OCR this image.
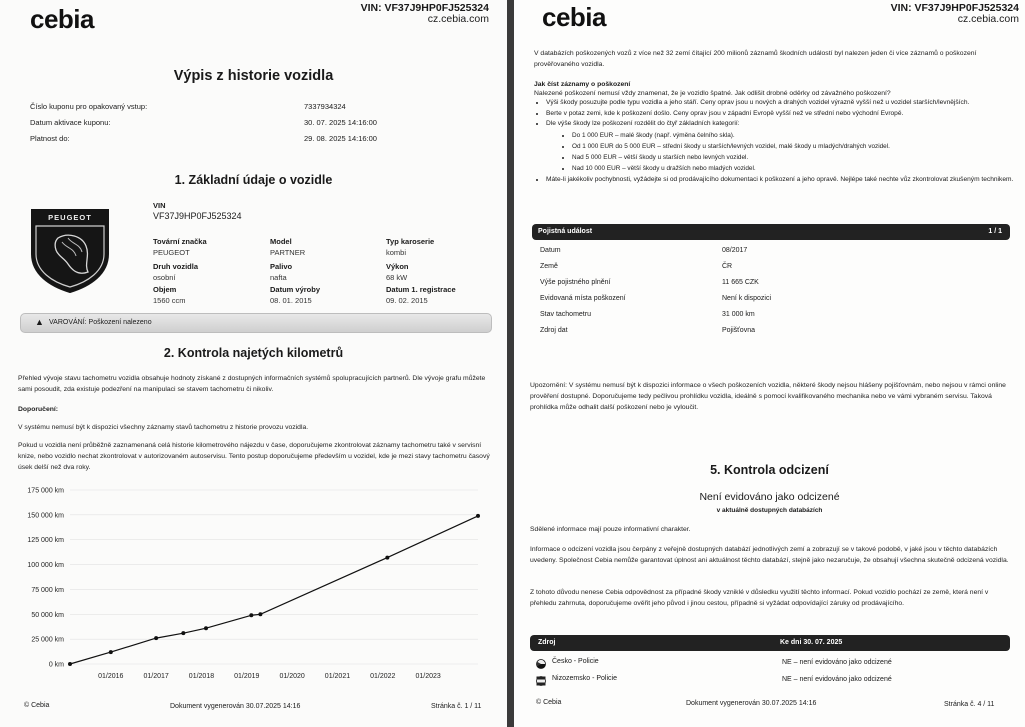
cebia	VIN: VF37J9HP0FJ525324
cz.cebia.com
Výpis z historie vozidla
Číslo kuponu pro opakovaný vstup:	7337934324
Datum aktivace kuponu:	30. 07. 2025 14:16:00
Platnost do:	29. 08. 2025 14:16:00
1. Základní údaje o vozidle
PEUGEOT
VIN
VF37J9HP0FJ525324
Tovární značka
PEUGEOT
Model
PARTNER
Typ karoserie
kombi
Druh vozidla
osobní
Palivo
nafta
Výkon
68 kW
Objem
1560 ccm
Datum výroby
08. 01. 2015
Datum 1. registrace
09. 02. 2015
▲ VAROVÁNÍ: Poškození nalezeno
2. Kontrola najetých kilometrů
Přehled vývoje stavu tachometru vozidla obsahuje hodnoty získané z dostupných informačních systémů spolupracujících partnerů. Dle vývoje grafu můžete sami posoudit, zda existuje podezření na manipulaci se stavem tachometru či nikoliv.
Doporučení:
V systému nemusí být k dispozici všechny záznamy stavů tachometru z historie provozu vozidla.
Pokud u vozidla není průběžně zaznamenaná celá historie kilometrového nájezdu v čase, doporučujeme zkontrolovat záznamy tachometru také v servisní knize, nebo vozidlo nechat zkontrolovat v autorizovaném autoservisu. Tento postup doporučujeme především u vozidel, kde je mezi stavy tachometru časový úsek delší než dva roky.
175 000 km
150 000 km
125 000 km
100 000 km
75 000 km
50 000 km
25 000 km
0 km
01/2016	01/2017	01/2018	01/2019	01/2020	01/2021	01/2022	01/2023
© Cebia	Dokument vygenerován 30.07.2025 14:16	Stránka č. 1 / 11
cebia	VIN: VF37J9HP0FJ525324
cz.cebia.com
V databázích poškozených vozů z více než 32 zemí čítající 200 milionů záznamů škodních událostí byl nalezen jeden či více záznamů o poškození prověřovaného vozidla.
Jak číst záznamy o poškození
Nalezené poškození nemusí vždy znamenat, že je vozidlo špatné. Jak odlišit drobné oděrky od závažného poškození?
• Výši škody posuzujte podle typu vozidla a jeho stáří. Ceny oprav jsou u nových a drahých vozidel výrazně vyšší než u vozidel starších/levnějších.
• Berte v potaz zemi, kde k poškození došlo. Ceny oprav jsou v západní Evropě vyšší než ve střední nebo východní Evropě.
• Dle výše škody lze poškození rozdělit do čtyř základních kategorií:
• Do 1 000 EUR – malé škody (např. výměna čelního skla).
• Od 1 000 EUR do 5 000 EUR – střední škody u starších/levných vozidel, malé škody u mladých/drahých vozidel.
• Nad 5 000 EUR – větší škody u starších nebo levných vozidel.
• Nad 10 000 EUR – větší škody u dražších nebo mladých vozidel.
• Máte-li jakékoliv pochybnosti, vyžádejte si od prodávajícího dokumentaci k poškození a jeho opravě. Nejlépe také nechte vůz zkontrolovat zkušeným technikem.
Pojistná událost	1 / 1
Datum	08/2017
Země	ČR
Výše pojistného plnění	11 665 CZK
Evidovaná místa poškození	Není k dispozici
Stav tachometru	31 000 km
Zdroj dat	Pojišťovna
Upozornění: V systému nemusí být k dispozici informace o všech poškozeních vozidla, některé škody nejsou hlášeny pojišťovnám, nebo nejsou v rámci online prověření dostupné. Doporučujeme tedy pečlivou prohlídku vozidla, ideálně s pomocí kvalifikovaného mechanika nebo ve vámi vybraném servisu. Taková prohlídka může odhalit další poškození nebo je vyloučit.
5. Kontrola odcizení
Není evidováno jako odcizené
v aktuálně dostupných databázích
Sdělené informace mají pouze informativní charakter.
Informace o odcizení vozidla jsou čerpány z veřejně dostupných databází jednotlivých zemí a zobrazují se v takové podobě, v jaké jsou v těchto databázích uvedeny. Společnost Cebia nemůže garantovat úplnost ani aktuálnost těchto databází, stejně jako nezaručuje, že obsahují všechna skutečně odcizená vozidla.
Z tohoto důvodu nenese Cebia odpovědnost za případné škody vzniklé v důsledku využití těchto informací. Pokud vozidlo pochází ze země, která není v přehledu zahrnuta, doporučujeme ověřit jeho původ i jinou cestou, případně si vyžádat odpovídající záruky od prodávajícího.
Zdroj	Ke dni 30. 07. 2025
Česko - Policie	NE – není evidováno jako odcizené
Nizozemsko - Policie	NE – není evidováno jako odcizené
© Cebia	Dokument vygenerován 30.07.2025 14:16	Stránka č. 4 / 11
